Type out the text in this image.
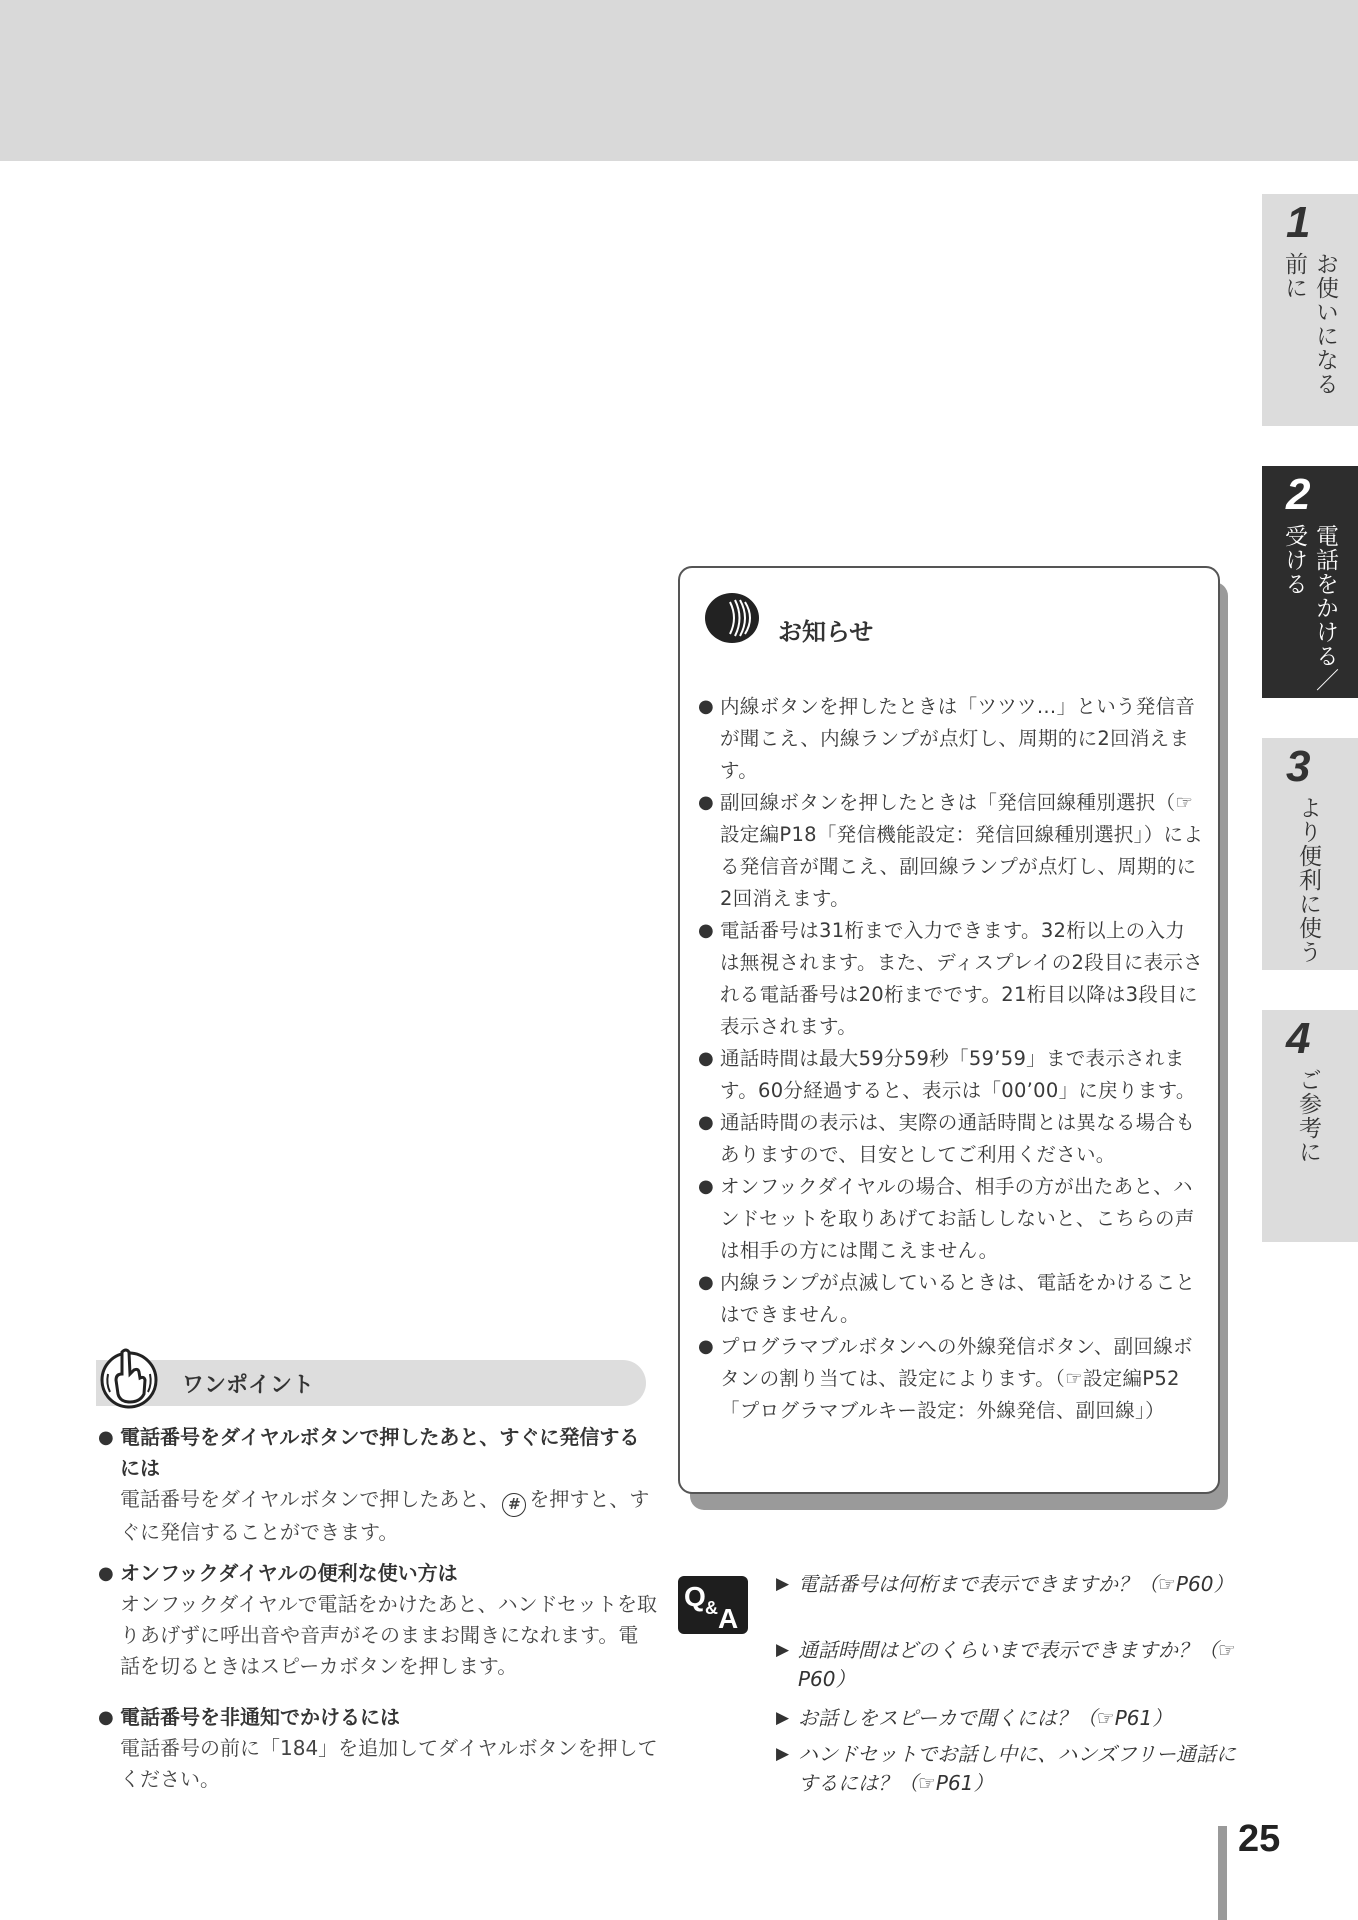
1
お使いになる
前に
2
電話をかける／
受ける
3
より便利に使う
4
ご参考に
お知らせ
● 内線ボタンを押したときは「ツツツ…」という発信音が聞こえ、内線ランプが点灯し、周期的に2回消えます。
● 副回線ボタンを押したときは「発信回線種別選択（☞設定編P18「発信機能設定：発信回線種別選択」）による発信音が聞こえ、副回線ランプが点灯し、周期的に2回消えます。
● 電話番号は31桁まで入力できます。32桁以上の入力は無視されます。また、ディスプレイの2段目に表示される電話番号は20桁までです。21桁目以降は3段目に表示されます。
● 通話時間は最大59分59秒「59’59」まで表示されます。60分経過すると、表示は「00’00」に戻ります。
● 通話時間の表示は、実際の通話時間とは異なる場合もありますので、目安としてご利用ください。
● オンフックダイヤルの場合、相手の方が出たあと、ハンドセットを取りあげてお話ししないと、こちらの声は相手の方には聞こえません。
● 内線ランプが点滅しているときは、電話をかけることはできません。
● プログラマブルボタンへの外線発信ボタン、副回線ボタンの割り当ては、設定によります。（☞設定編P52「プログラマブルキー設定：外線発信、副回線」）
ワンポイント
● 電話番号をダイヤルボタンで押したあと、すぐに発信するには
電話番号をダイヤルボタンで押したあと、 # を押すと、すぐに発信することができます。
● オンフックダイヤルの便利な使い方は
オンフックダイヤルで電話をかけたあと、ハンドセットを取りあげずに呼出音や音声がそのままお聞きになれます。電話を切るときはスピーカボタンを押します。
● 電話番号を非通知でかけるには
電話番号の前に「184」を追加してダイヤルボタンを押してください。
Q & A
▶ 電話番号は何桁まで表示できますか？（☞P60）
▶ 通話時間はどのくらいまで表示できますか？（☞P60）
▶ お話しをスピーカで聞くには？（☞P61）
▶ ハンドセットでお話し中に、ハンズフリー通話にするには？（☞P61）
25
